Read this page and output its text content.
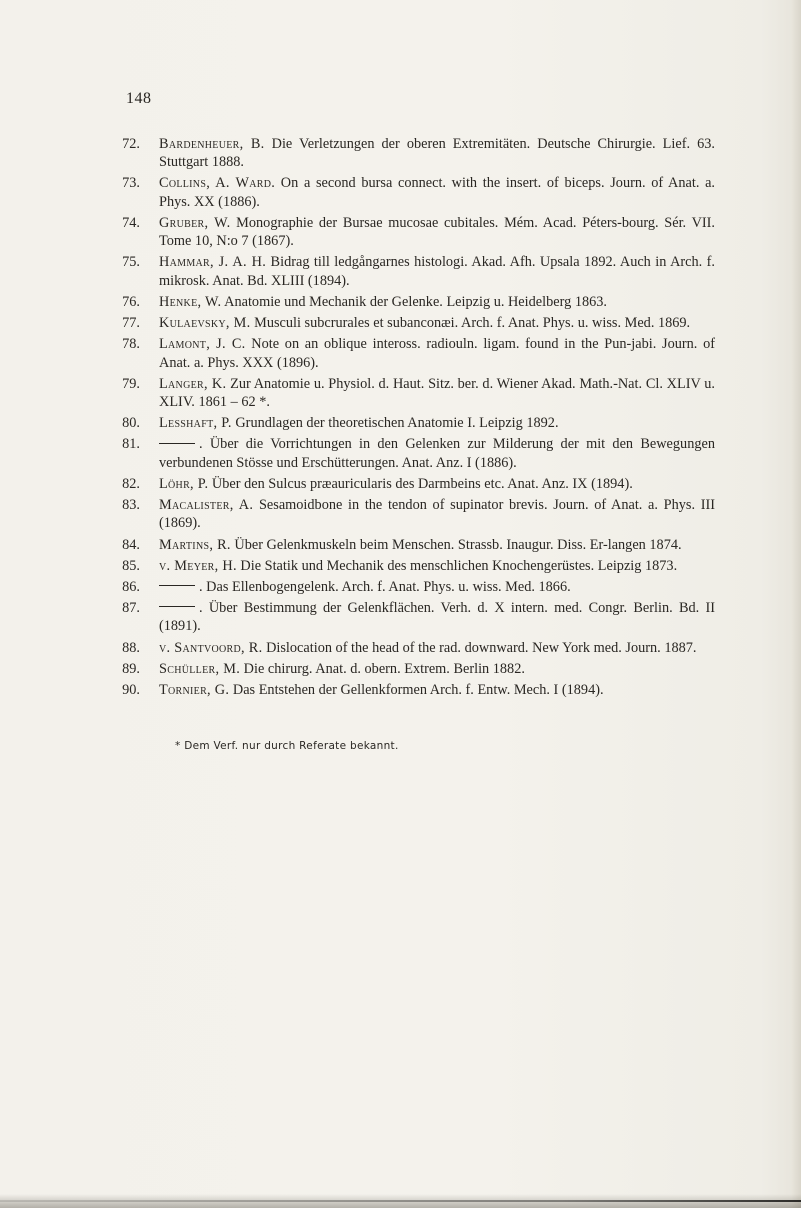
148
72. Bardenheuer, B. Die Verletzungen der oberen Extremitäten. Deutsche Chirurgie. Lief. 63. Stuttgart 1888.
73. Collins, A. Ward. On a second bursa connect. with the insert. of biceps. Journ. of Anat. a. Phys. XX (1886).
74. Gruber, W. Monographie der Bursae mucosae cubitales. Mém. Acad. Péters-bourg. Sér. VII. Tome 10, N:o 7 (1867).
75. Hammar, J. A. H. Bidrag till ledgångarnes histologi. Akad. Afh. Upsala 1892. Auch in Arch. f. mikrosk. Anat. Bd. XLIII (1894).
76. Henke, W. Anatomie und Mechanik der Gelenke. Leipzig u. Heidelberg 1863.
77. Kulaevsky, M. Musculi subcrurales et subanconæi. Arch. f. Anat. Phys. u. wiss. Med. 1869.
78. Lamont, J. C. Note on an oblique inteross. radiouln. ligam. found in the Pun-jabi. Journ. of Anat. a. Phys. XXX (1896).
79. Langer, K. Zur Anatomie u. Physiol. d. Haut. Sitz. ber. d. Wiener Akad. Math.-Nat. Cl. XLIV u. XLIV. 1861 – 62 *.
80. Lesshaft, P. Grundlagen der theoretischen Anatomie I. Leipzig 1892.
81.	. Über die Vorrichtungen in den Gelenken zur Milderung der mit den Bewegungen verbundenen Stösse und Erschütterungen. Anat. Anz. I (1886).
82. Löhr, P. Über den Sulcus præauricularis des Darmbeins etc. Anat. Anz. IX (1894).
83. Macalister, A. Sesamoidbone in the tendon of supinator brevis. Journ. of Anat. a. Phys. III (1869).
84. Martins, R. Über Gelenkmuskeln beim Menschen. Strassb. Inaugur. Diss. Er-langen 1874.
85. v. Meyer, H. Die Statik und Mechanik des menschlichen Knochengerüstes. Leipzig 1873.
86.	. Das Ellenbogengelenk. Arch. f. Anat. Phys. u. wiss. Med. 1866.
87.	. Über Bestimmung der Gelenkflächen. Verh. d. X intern. med. Congr. Berlin. Bd. II (1891).
88. v. Santvoord, R. Dislocation of the head of the rad. downward. New York med. Journ. 1887.
89. Schüller, M. Die chirurg. Anat. d. obern. Extrem. Berlin 1882.
90. Tornier, G. Das Entstehen der Gellenkformen Arch. f. Entw. Mech. I (1894).
* Dem Verf. nur durch Referate bekannt.
